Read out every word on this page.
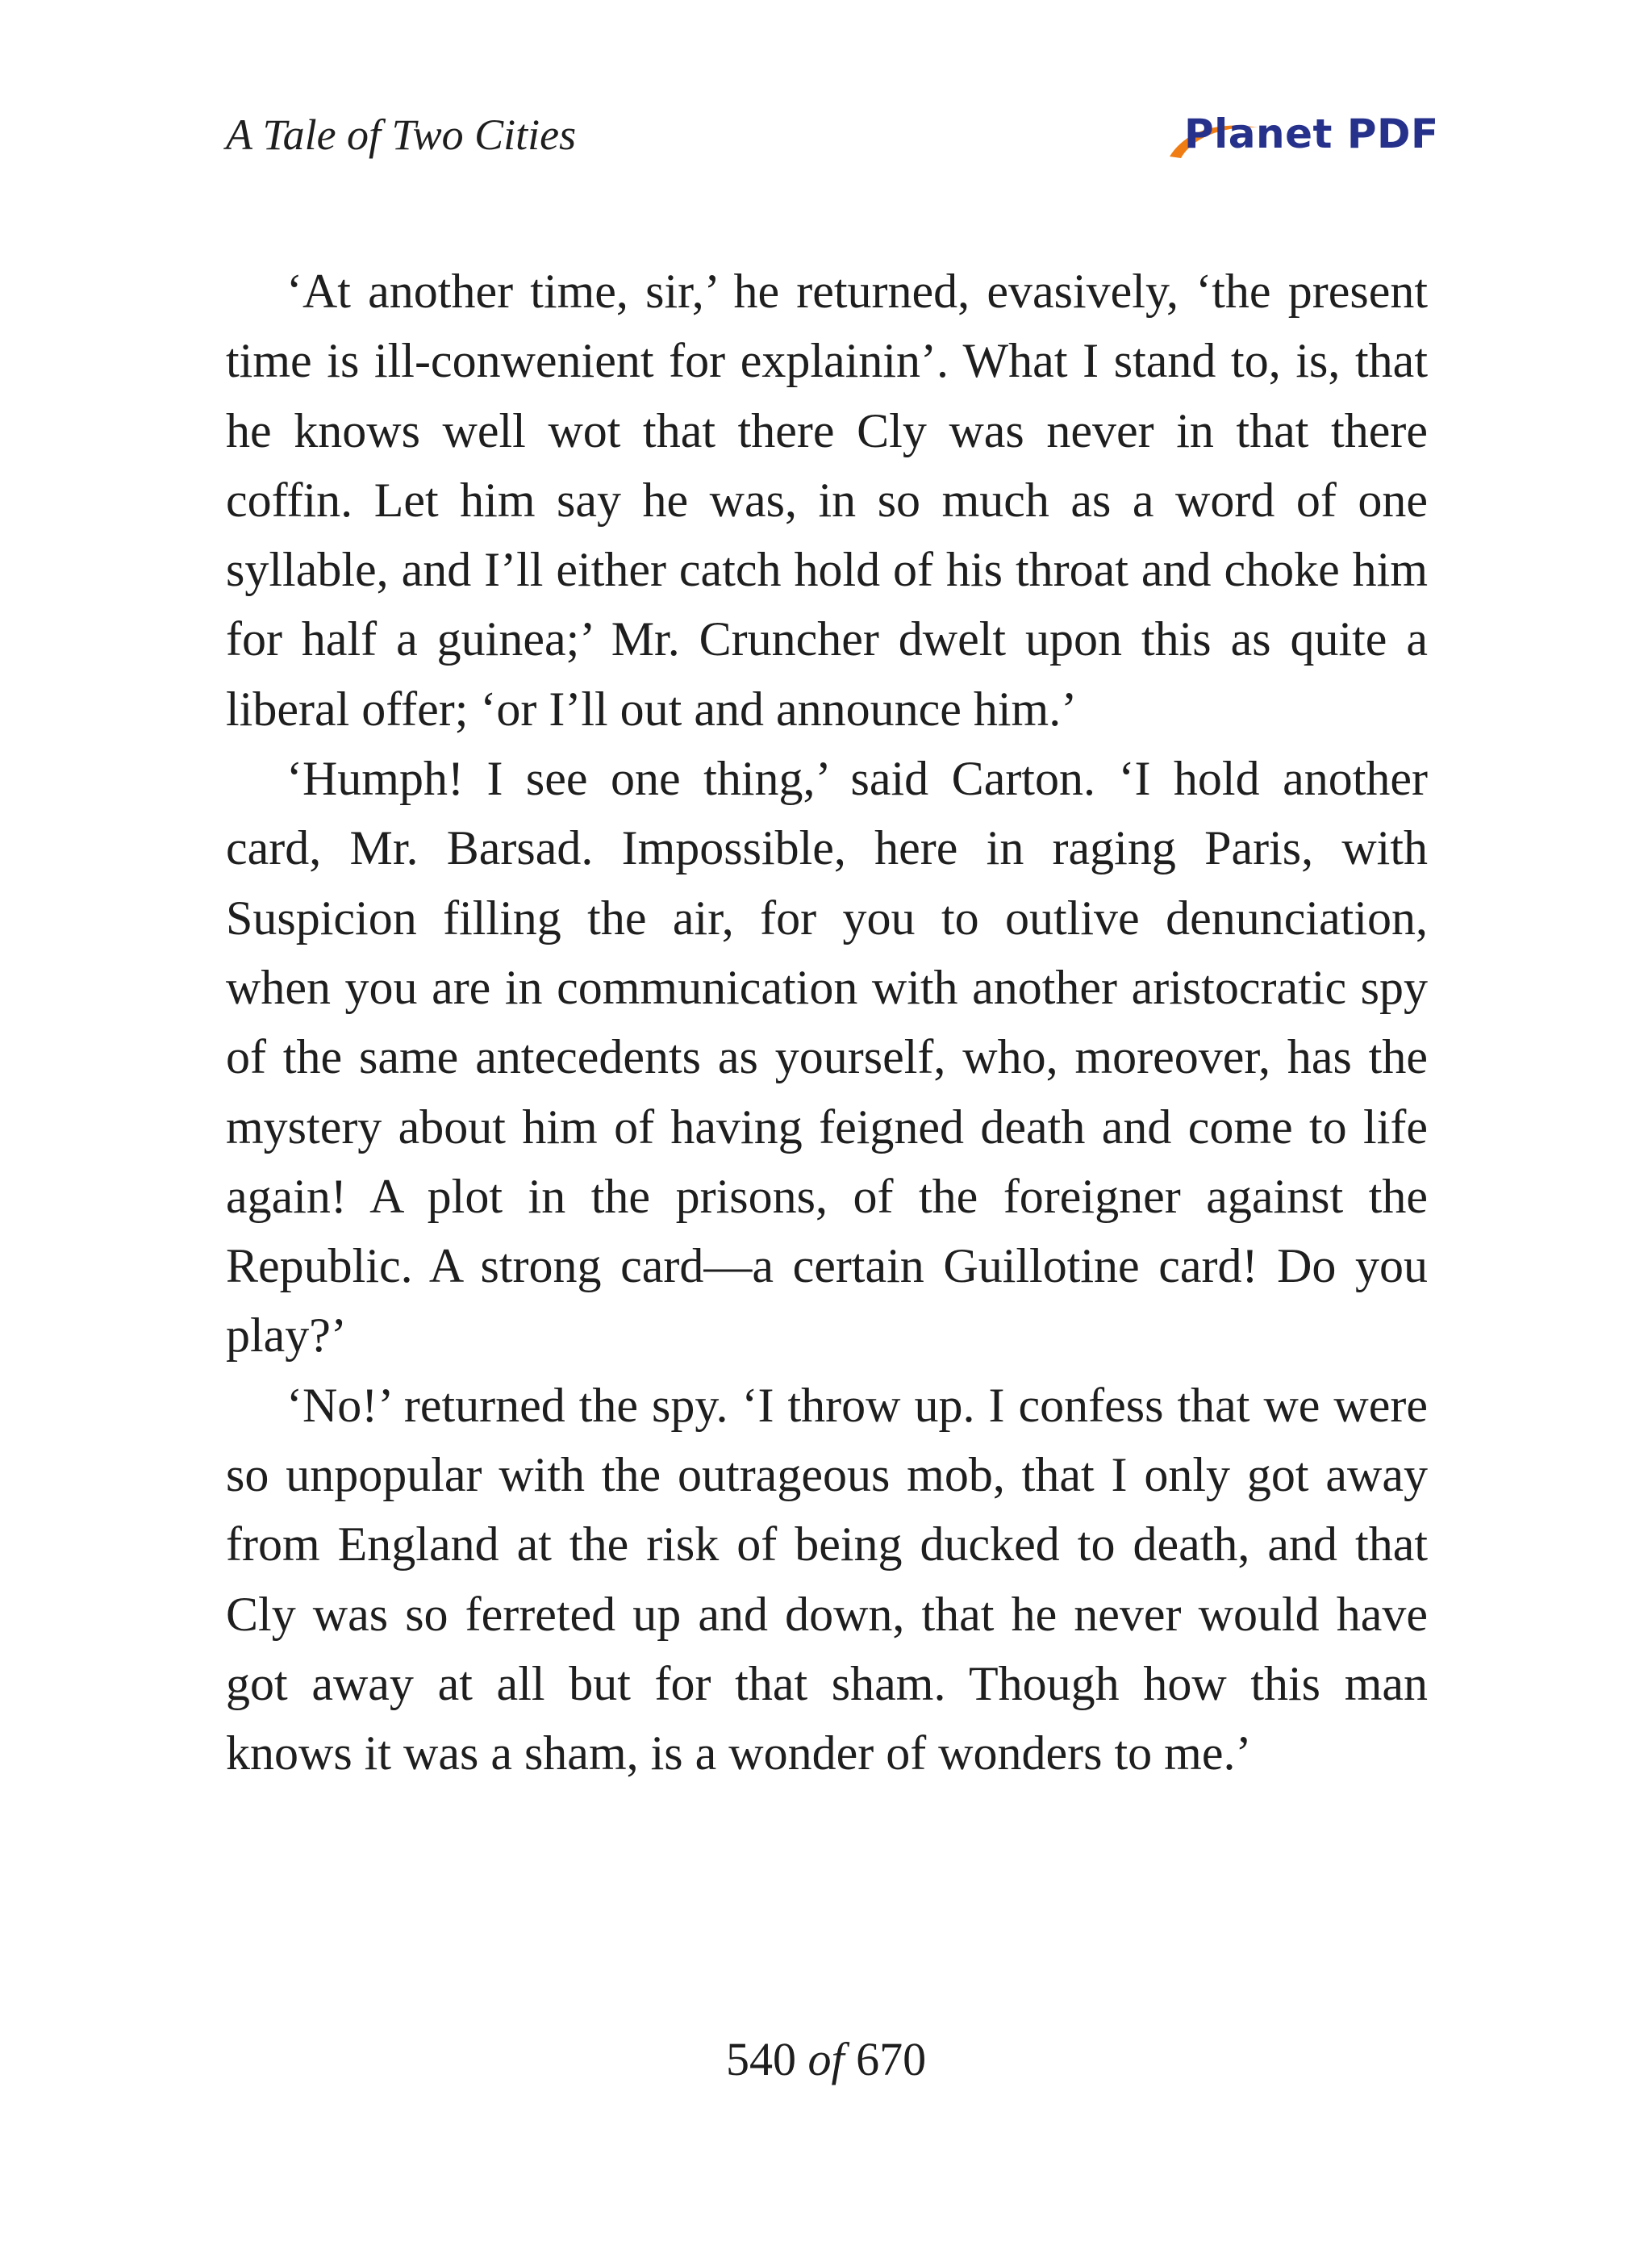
A Tale of Two Cities	Planet PDF

‘At another time, sir,’ he returned, evasively, ‘the present time is ill-conwenient for explainin’. What I stand to, is, that he knows well wot that there Cly was never in that there coffin. Let him say he was, in so much as a word of one syllable, and I’ll either catch hold of his throat and choke him for half a guinea;’ Mr. Cruncher dwelt upon this as quite a liberal offer; ‘or I’ll out and announce him.’

‘Humph! I see one thing,’ said Carton. ‘I hold another card, Mr. Barsad. Impossible, here in raging Paris, with Suspicion filling the air, for you to outlive denunciation, when you are in communication with another aristocratic spy of the same antecedents as yourself, who, moreover, has the mystery about him of having feigned death and come to life again! A plot in the prisons, of the foreigner against the Republic. A strong card—a certain Guillotine card! Do you play?’

‘No!’ returned the spy. ‘I throw up. I confess that we were so unpopular with the outrageous mob, that I only got away from England at the risk of being ducked to death, and that Cly was so ferreted up and down, that he never would have got away at all but for that sham. Though how this man knows it was a sham, is a wonder of wonders to me.’

540 of 670
